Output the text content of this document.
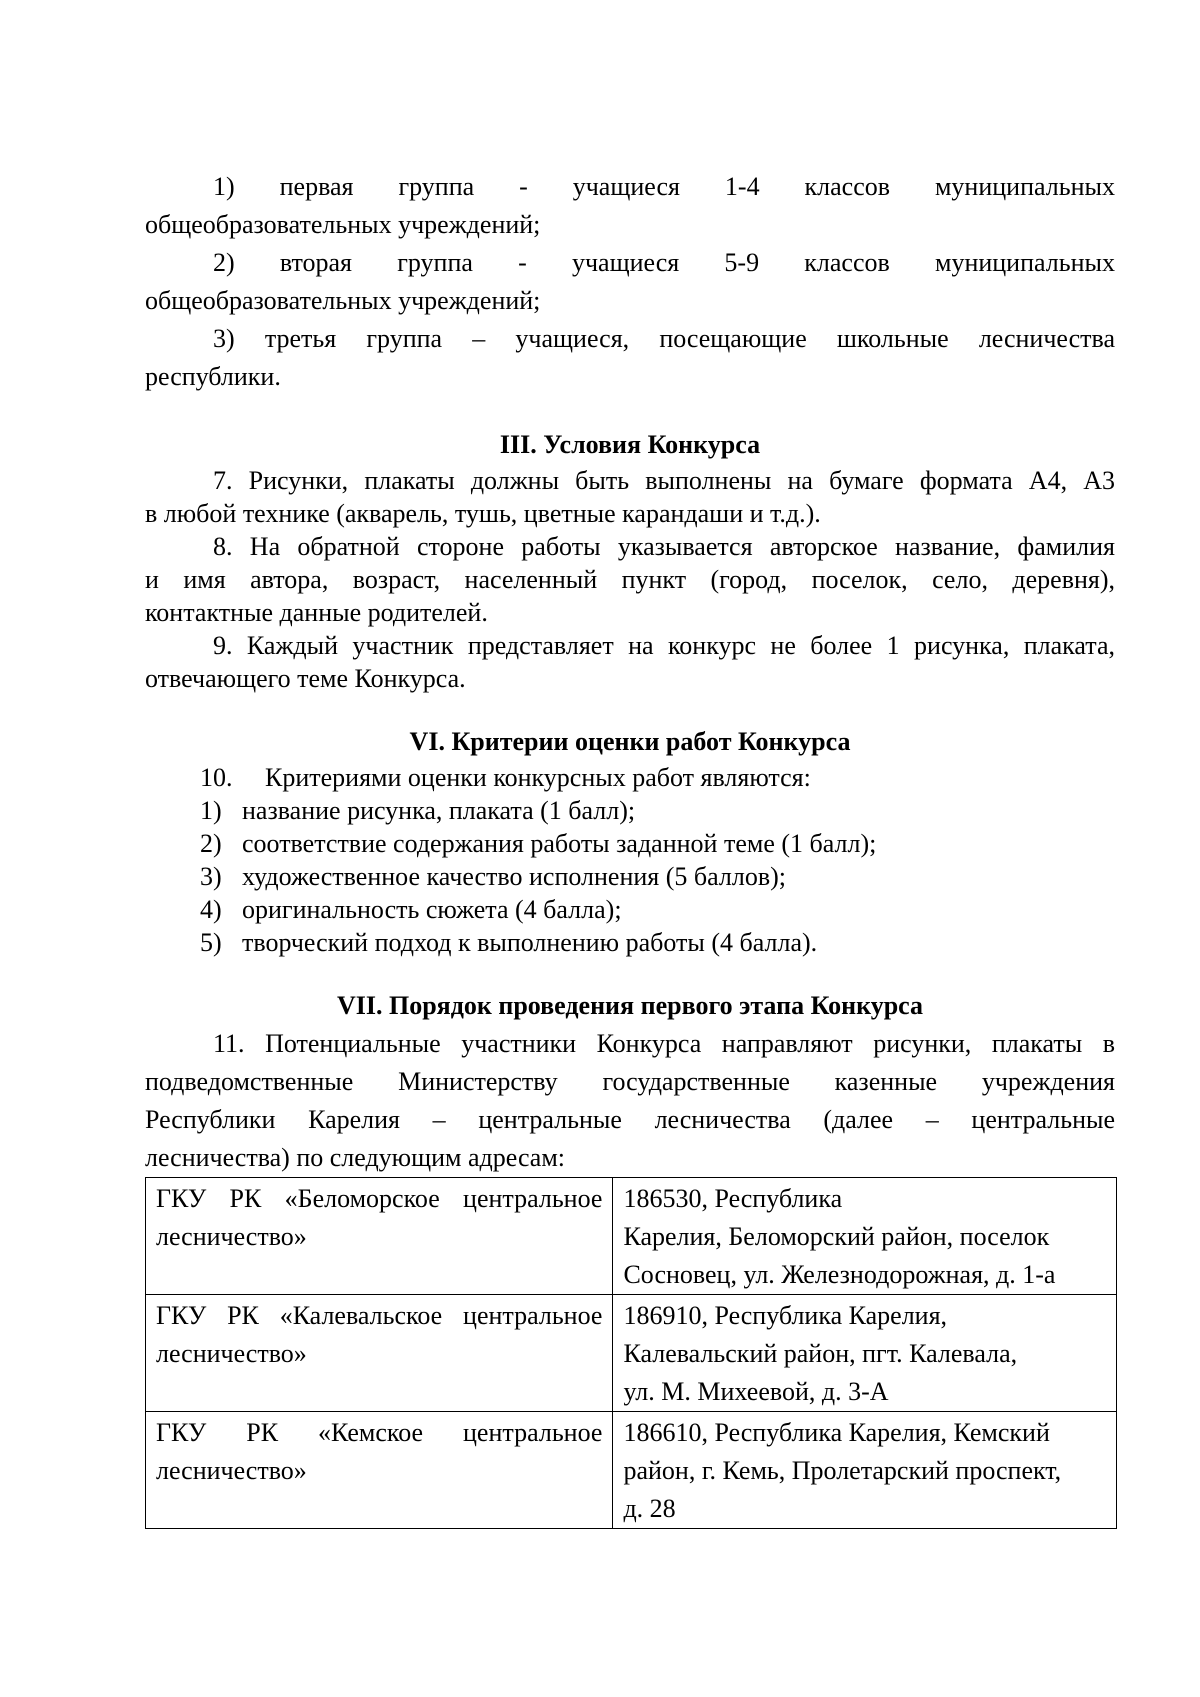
1) первая группа - учащиеся 1-4 классов муниципальных

общеобразовательных учреждений;

2) вторая группа - учащиеся 5-9 классов муниципальных

общеобразовательных учреждений;

3) третья группа – учащиеся, посещающие школьные лесничества

республики.

III. Условия Конкурса

7. Рисунки, плакаты должны быть выполнены на бумаге формата А4, А3

в любой технике (акварель, тушь, цветные карандаши и т.д.).

8. На обратной стороне работы указывается авторское название, фамилия

и имя автора, возраст, населенный пункт (город, поселок, село, деревня),

контактные данные родителей.

9. Каждый участник представляет на конкурс не более 1 рисунка, плаката,

отвечающего теме Конкурса.

VI. Критерии оценки работ Конкурса

10. Критериями оценки конкурсных работ являются:

1) название рисунка, плаката (1 балл);
2) соответствие содержания работы заданной теме (1 балл);
3) художественное качество исполнения (5 баллов);
4) оригинальность сюжета (4 балла);
5) творческий подход к выполнению работы (4 балла).
VII. Порядок проведения первого этапа Конкурса

11. Потенциальные участники Конкурса направляют рисунки, плакаты в

подведомственные Министерству государственные казенные учреждения

Республики Карелия – центральные лесничества (далее – центральные

лесничества) по следующим адресам:

ГКУ РК «Беломорское центральное
лесничество»	186530, Республика
Карелия, Беломорский район, поселок
Сосновец, ул. Железнодорожная, д. 1-а

ГКУ РК «Калевальское центральное
лесничество»	186910, Республика Карелия,
Калевальский район, пгт. Калевала,
ул. М. Михеевой, д. 3-А

ГКУ РК «Кемское центральное
лесничество»	186610, Республика Карелия, Кемский
район, г. Кемь, Пролетарский проспект,
д. 28
